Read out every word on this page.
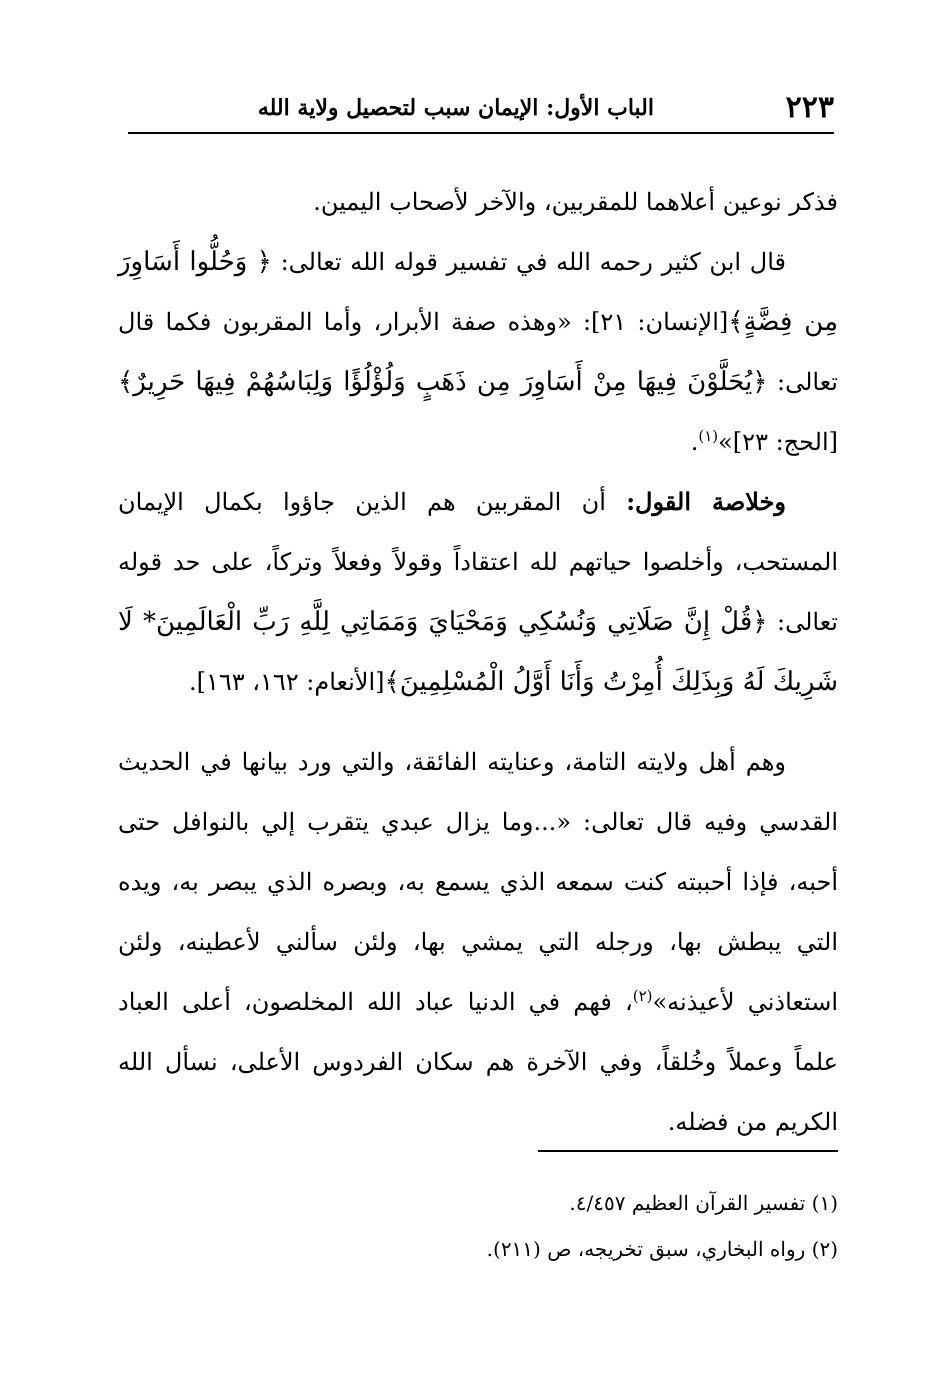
٢٢٣
الباب الأول: الإيمان سبب لتحصيل ولاية الله

فذكر نوعين أعلاهما للمقربين، والآخر لأصحاب اليمين.

قال ابن كثير رحمه الله في تفسير قوله الله تعالى: ﴿ وَحُلُّوا أَسَاوِرَ مِن فِضَّةٍ﴾[الإنسان: ٢١]: «وهذه صفة الأبرار، وأما المقربون فكما قال تعالى: ﴿يُحَلَّوْنَ فِيهَا مِنْ أَسَاوِرَ مِن ذَهَبٍ وَلُؤْلُؤًا وَلِبَاسُهُمْ فِيهَا حَرِيرٌ﴾[الحج: ٢٣]»$^{(١)}$.

وخلاصة القول: أن المقربين هم الذين جاؤوا بكمال الإيمان المستحب، وأخلصوا حياتهم لله اعتقاداً وقولاً وفعلاً وتركاً، على حد قوله تعالى: ﴿قُلْ إِنَّ صَلَاتِي وَنُسُكِي وَمَحْيَايَ وَمَمَاتِي لِلَّهِ رَبِّ الْعَالَمِينَ* لَا شَرِيكَ لَهُ وَبِذَلِكَ أُمِرْتُ وَأَنَا أَوَّلُ الْمُسْلِمِينَ﴾[الأنعام: ١٦٢، ١٦٣].

وهم أهل ولايته التامة، وعنايته الفائقة، والتي ورد بيانها في الحديث القدسي وفيه قال تعالى: «...وما يزال عبدي يتقرب إلي بالنوافل حتى أحبه، فإذا أحببته كنت سمعه الذي يسمع به، وبصره الذي يبصر به، ويده التي يبطش بها، ورجله التي يمشي بها، ولئن سألني لأعطينه، ولئن استعاذني لأعيذنه»$^{(٢)}$، فهم في الدنيا عباد الله المخلصون، أعلى العباد علماً وعملاً وخُلقاً، وفي الآخرة هم سكان الفردوس الأعلى، نسأل الله الكريم من فضله.

(١) تفسير القرآن العظيم ٤/٤٥٧.

(٢) رواه البخاري، سبق تخريجه، ص (٢١١).
